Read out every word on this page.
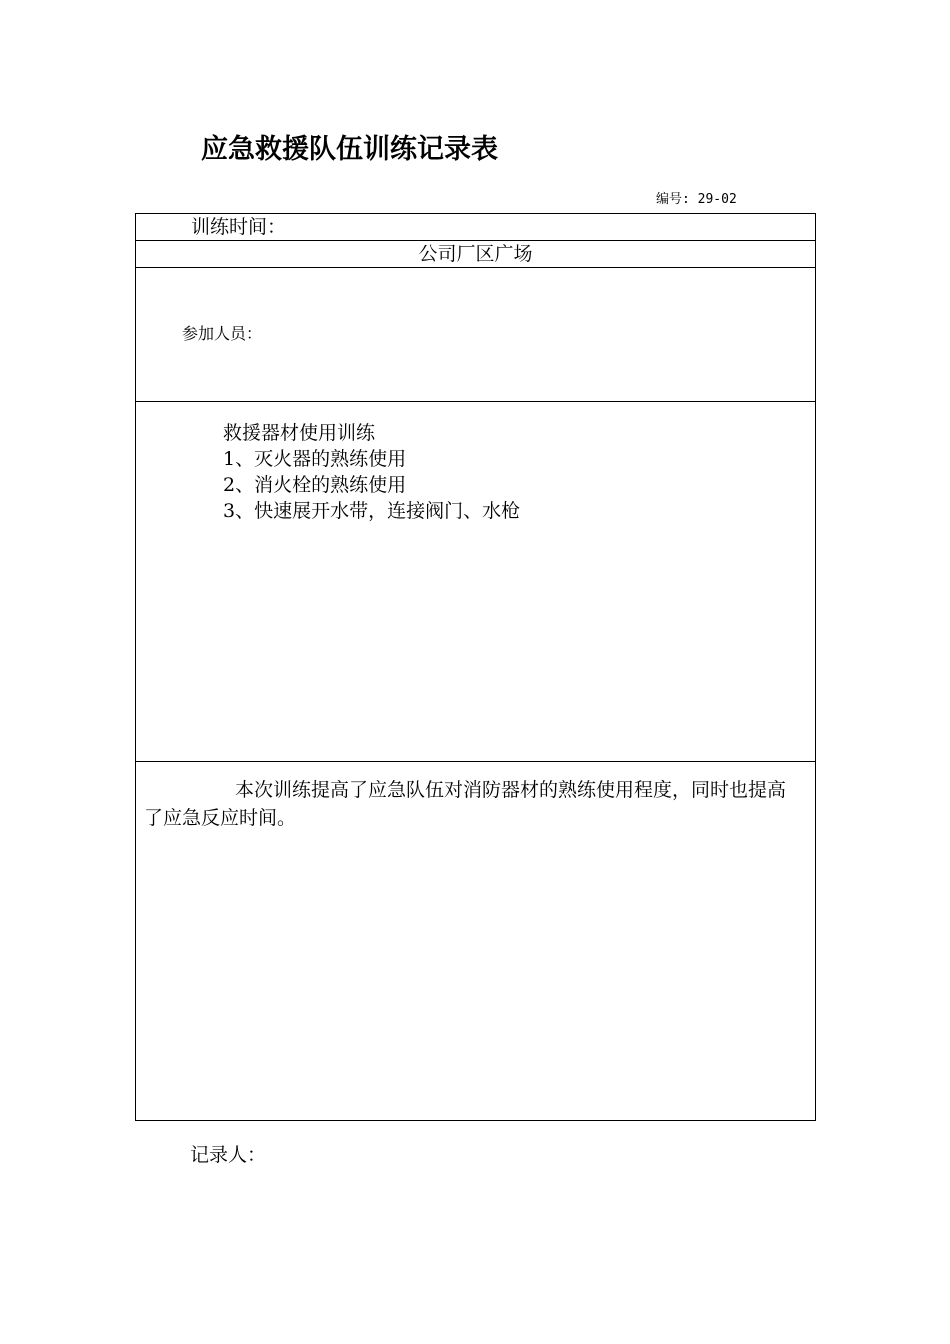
应急救援队伍训练记录表
编号: 29-02
训练时间：

公司厂区广场

参加人员：

救援器材使用训练
1、灭火器的熟练使用
2、消火栓的熟练使用
3、快速展开水带，连接阀门、水枪

本次训练提高了应急队伍对消防器材的熟练使用程度，同时也提高了应急反应时间。
记录人：
